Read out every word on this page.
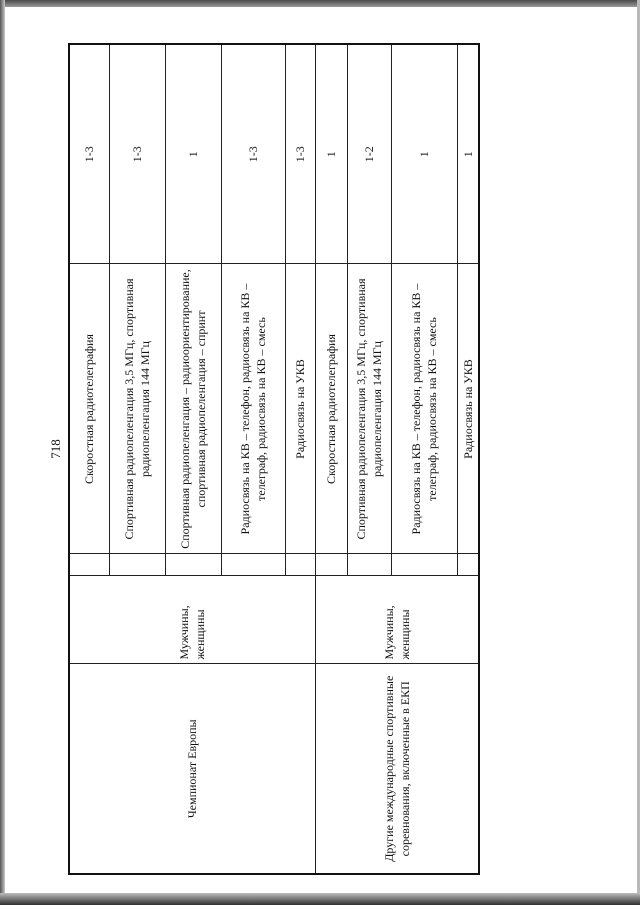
718
Чемпионат Европы	Мужчины, женщины		Скоростная радиотелеграфия	1-3
			Спортивная радиопеленгация 3,5 МГц, спортивная радиопеленгация 144 МГц	1-3
			Спортивная радиопеленгация – радиоориентирование, спортивная радиопеленгация – спринт	1
			Радиосвязь на КВ – телефон, радиосвязь на КВ – телеграф, радиосвязь на КВ – смесь	1-3
			Радиосвязь на УКВ	1-3
Другие международные спортивные соревнования, включенные в ЕКП	Мужчины, женщины		Скоростная радиотелеграфия	1
			Спортивная радиопеленгация 3,5 МГц, спортивная радиопеленгация 144 МГц	1-2
			Радиосвязь на КВ – телефон, радиосвязь на КВ – телеграф, радиосвязь на КВ – смесь	1
			Радиосвязь на УКВ	1
